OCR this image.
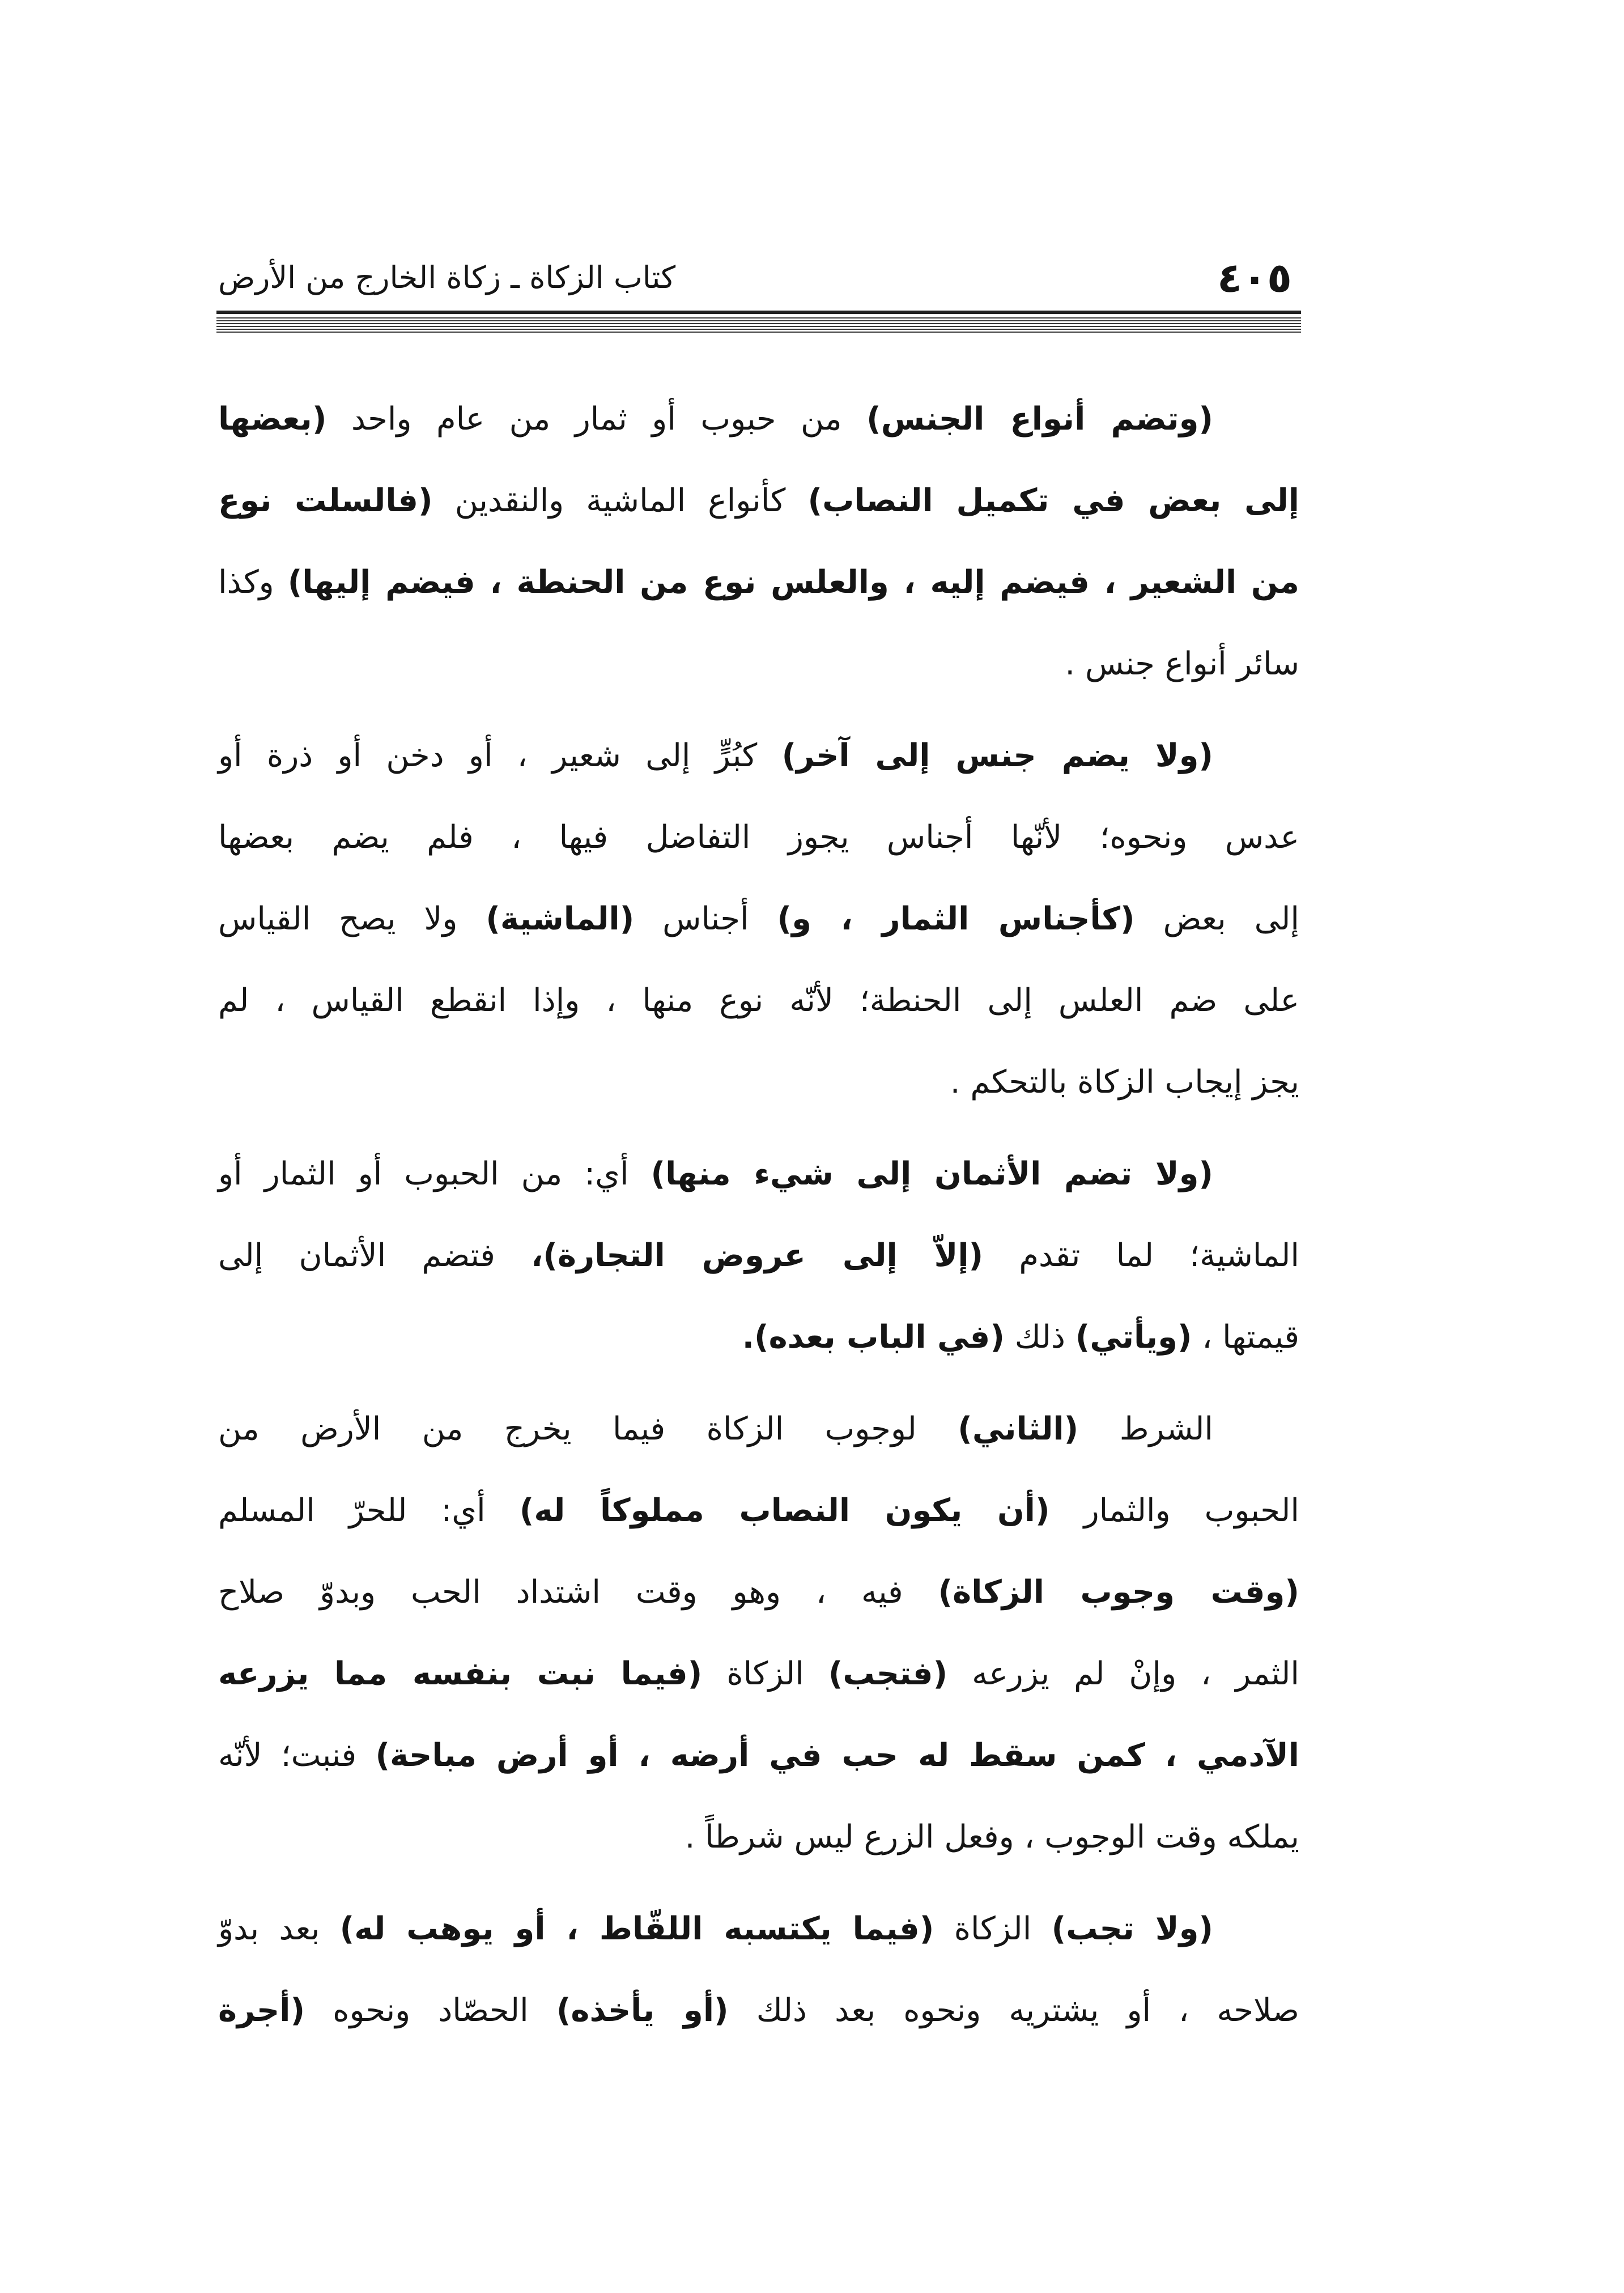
٤٠٥
كتاب الزكاة ـ زكاة الخارج من الأرض
(وتضم أنواع الجنس) من حبوب أو ثمار من عام واحد (بعضها
إلى بعض في تكميل النصاب) كأنواع الماشية والنقدين (فالسلت نوع
من الشعير ، فيضم إليه ، والعلس نوع من الحنطة ، فيضم إليها) وكذا
سائر أنواع جنس .
(ولا يضم جنس إلى آخر) كبُرٍّ إلى شعير ، أو دخن أو ذرة أو
عدس ونحوه؛ لأنّها أجناس يجوز التفاضل فيها ، فلم يضم بعضها
إلى بعض (كأجناس الثمار ، و) أجناس (الماشية) ولا يصح القياس
على ضم العلس إلى الحنطة؛ لأنّه نوع منها ، وإذا انقطع القياس ، لم
يجز إيجاب الزكاة بالتحكم .
(ولا تضم الأثمان إلى شيء منها) أي: من الحبوب أو الثمار أو
الماشية؛ لما تقدم (إلاّ إلى عروض التجارة)، فتضم الأثمان إلى
قيمتها ، (ويأتي) ذلك (في الباب بعده).
الشرط (الثاني) لوجوب الزكاة فيما يخرج من الأرض من
الحبوب والثمار (أن يكون النصاب مملوكاً له) أي: للحرّ المسلم
(وقت وجوب الزكاة) فيه ، وهو وقت اشتداد الحب وبدوّ صلاح
الثمر ، وإنْ لم يزرعه (فتجب) الزكاة (فيما نبت بنفسه مما يزرعه
الآدمي ، كمن سقط له حب في أرضه ، أو أرض مباحة) فنبت؛ لأنّه
يملكه وقت الوجوب ، وفعل الزرع ليس شرطاً .
(ولا تجب) الزكاة (فيما يكتسبه اللقّاط ، أو يوهب له) بعد بدوّ
صلاحه ، أو يشتريه ونحوه بعد ذلك (أو يأخذه) الحصّاد ونحوه (أجرة
